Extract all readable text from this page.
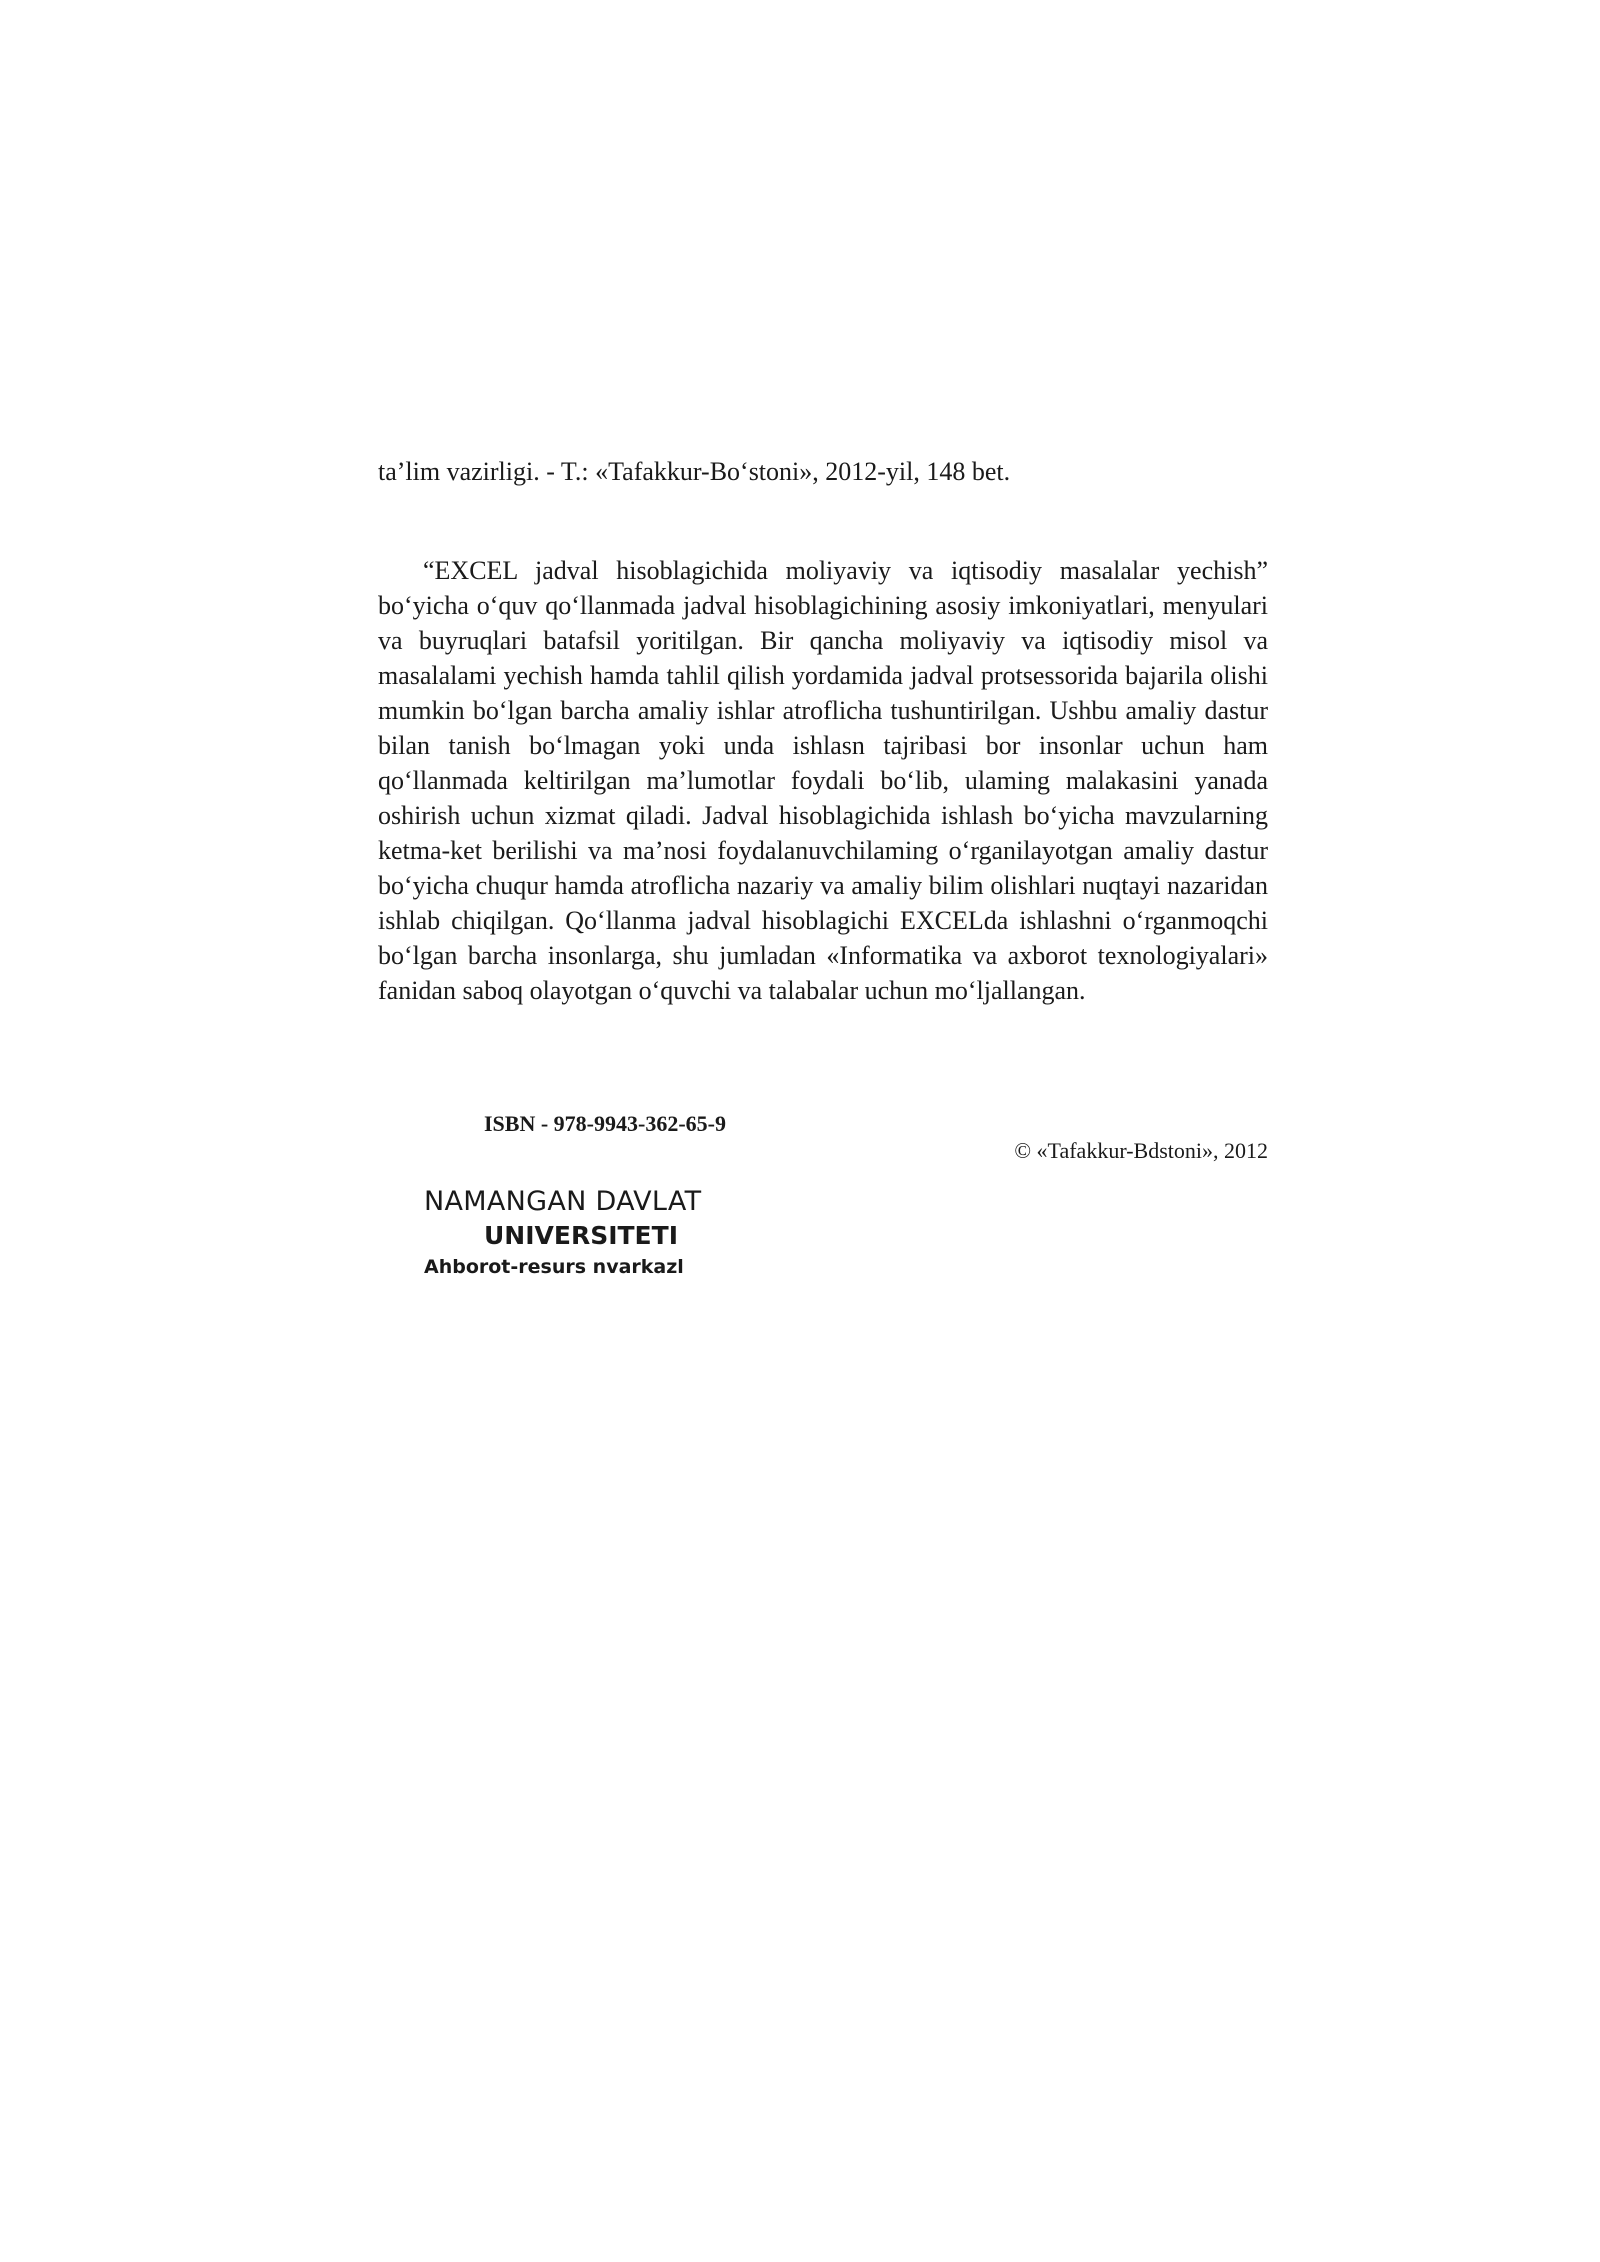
ta’lim vazirligi. - T.: «Tafakkur-Bo‘stoni», 2012-yil, 148 bet.

“EXCEL jadval hisoblagichida moliyaviy va iqtisodiy masalalar yechish” bo‘yicha o‘quv qo‘llanmada jadval hisoblagichining asosiy imkoniyatlari, menyulari va buyruqlari batafsil yoritilgan. Bir qancha moliyaviy va iqtisodiy misol va masalalami yechish hamda tahlil qilish yordamida jadval protsessorida bajarila olishi mumkin bo‘lgan barcha amaliy ishlar atroflicha tushuntirilgan. Ushbu amaliy dastur bilan tanish bo‘lmagan yoki unda ishlasn tajribasi bor insonlar uchun ham qo‘llanmada keltirilgan ma’lumotlar foydali bo‘lib, ulaming malakasini yanada oshirish uchun xizmat qiladi. Jadval hisoblagichida ishlash bo‘yicha mavzularning ketma-ket berilishi va ma’nosi foydalanuvchilaming o‘rganilayotgan amaliy dastur bo‘yicha chuqur hamda atroflicha nazariy va amaliy bilim olishlari nuqtayi nazaridan ishlab chiqilgan. Qo‘llanma jadval hisoblagichi EXCELda ishlashni o‘rganmoqchi bo‘lgan barcha insonlarga, shu jumladan «Informatika va axborot texnologiyalari» fanidan saboq olayotgan o‘quvchi va talabalar uchun mo‘ljallangan.

ISBN - 978-9943-362-65-9
© «Tafakkur-Bdstoni», 2012
NAMANGAN DAVLAT
UNIVERSITETI
Ahborot-resurs nvarkazl
